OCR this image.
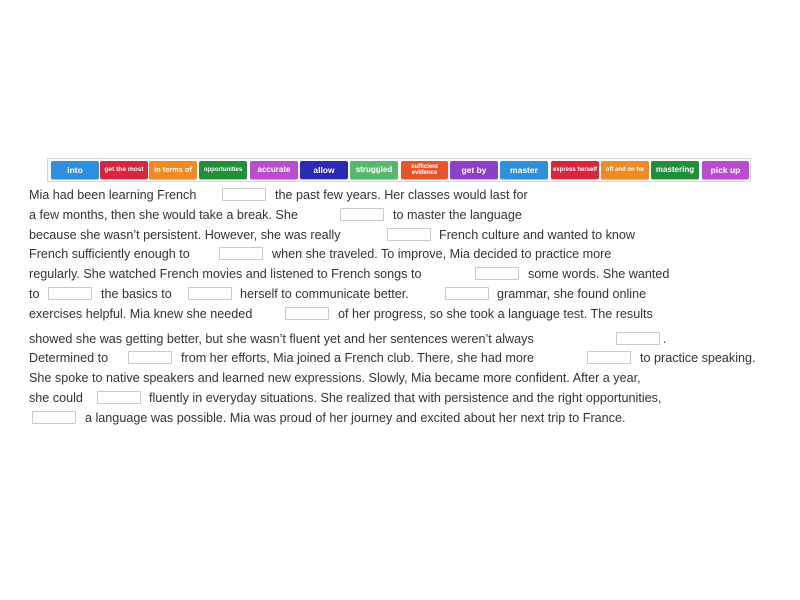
into	get the most in terms of opportunities accurate	allow	struggled	sufficient evidence	get by	master	express herself off and on for mastering pick up
Mia had been learning French	the past few years. Her classes would last for
a few months, then she would take a break. She	to master the language
because she wasn’t persistent. However, she was really	French culture and wanted to know
French sufficiently enough to	when she traveled. To improve, Mia decided to practice more
regularly. She watched French movies and listened to French songs to	some words. She wanted
to	the basics to	herself to communicate better.	grammar, she found online
exercises helpful. Mia knew she needed	of her progress, so she took a language test. The results
showed she was getting better, but she wasn’t fluent yet and her sentences weren’t always	.
Determined to	from her efforts, Mia joined a French club. There, she had more	to practice speaking.
She spoke to native speakers and learned new expressions. Slowly, Mia became more confident. After a year,
she could	fluently in everyday situations. She realized that with persistence and the right opportunities,
a language was possible. Mia was proud of her journey and excited about her next trip to France.
